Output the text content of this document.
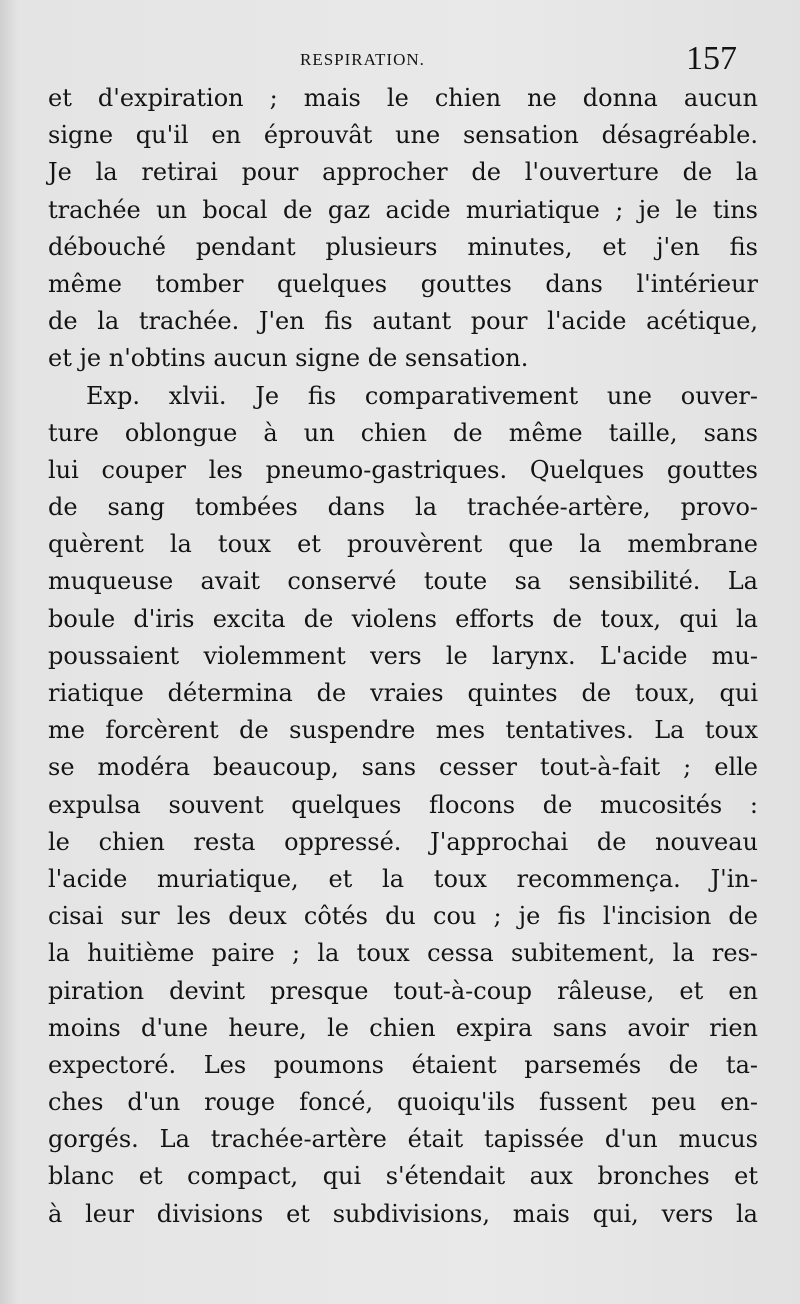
RESPIRATION.	157
et d'expiration ; mais le chien ne donna aucun
signe qu'il en éprouvât une sensation désagréable.
Je la retirai pour approcher de l'ouverture de la
trachée un bocal de gaz acide muriatique ; je le tins
débouché pendant plusieurs minutes, et j'en fis
même tomber quelques gouttes dans l'intérieur
de la trachée. J'en fis autant pour l'acide acétique,
et je n'obtins aucun signe de sensation.
Exp. xlvii. Je fis comparativement une ouver-
ture oblongue à un chien de même taille, sans
lui couper les pneumo-gastriques. Quelques gouttes
de sang tombées dans la trachée-artère, provo-
quèrent la toux et prouvèrent que la membrane
muqueuse avait conservé toute sa sensibilité. La
boule d'iris excita de violens efforts de toux, qui la
poussaient violemment vers le larynx. L'acide mu-
riatique détermina de vraies quintes de toux, qui
me forcèrent de suspendre mes tentatives. La toux
se modéra beaucoup, sans cesser tout-à-fait ; elle
expulsa souvent quelques flocons de mucosités :
le chien resta oppressé. J'approchai de nouveau
l'acide muriatique, et la toux recommença. J'in-
cisai sur les deux côtés du cou ; je fis l'incision de
la huitième paire ; la toux cessa subitement, la res-
piration devint presque tout-à-coup râleuse, et en
moins d'une heure, le chien expira sans avoir rien
expectoré. Les poumons étaient parsemés de ta-
ches d'un rouge foncé, quoiqu'ils fussent peu en-
gorgés. La trachée-artère était tapissée d'un mucus
blanc et compact, qui s'étendait aux bronches et
à leur divisions et subdivisions, mais qui, vers la
